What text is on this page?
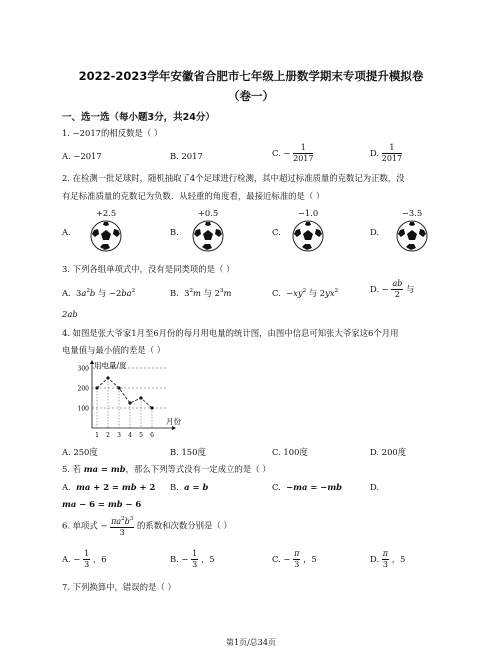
2022-2023学年安徽省合肥市七年级上册数学期末专项提升模拟卷
（卷一）
一、选一选（每小题3分，共24分）
1. −2017的相反数是（ ）
A. −2017	B. 2017	C. − $\frac{1}{2017}$	D. $\frac{1}{2017}$
2. 在检测一批足球时，随机抽取了4个足球进行检测，其中超过标准质量的克数记为正数，没
有足标准质量的克数记为负数．从轻重的角度看，最接近标准的是（ ）
A.
+2.5
B.
+0.5
C.
−1.0
D.
−3.5
3. 下列各组单项式中，没有是同类项的是（ ）
A.  $3a^2b$ 与 $-2ba^2$	B.  $3^2m$ 与 $2^3m$	C.  $-xy^2$ 与 $2yx^2$	D. − $\frac{ab}{2}$ 与
2ab
4. 如图是张大爷家1月至6月份的每月用电量的统计图，由图中信息可知张大爷家这6个月用
电量值与最小值的差是（ ）
100
200
300
1 2 3 4 5 6
用电量/度
月份
A. 250度	B. 150度	C. 100度	D. 200度
5. 若 ma = mb，那么下列等式没有一定成立的是（ ）
A.  ma + 2 = mb + 2 B.  a = b	C.  −ma = −mb	D.
ma − 6 = mb − 6
6. 单项式 − $\frac{\pi a^2b^3}{3}$ 的系数和次数分别是（ ）
A. − $\frac{1}{3}$ ，6	B. − $\frac{1}{3}$ ，5	C. − $\frac{\pi}{3}$ ，5	D. $\frac{\pi}{3}$ ，5
7. 下列换算中，错误的是（ ）
第1页/总34页
